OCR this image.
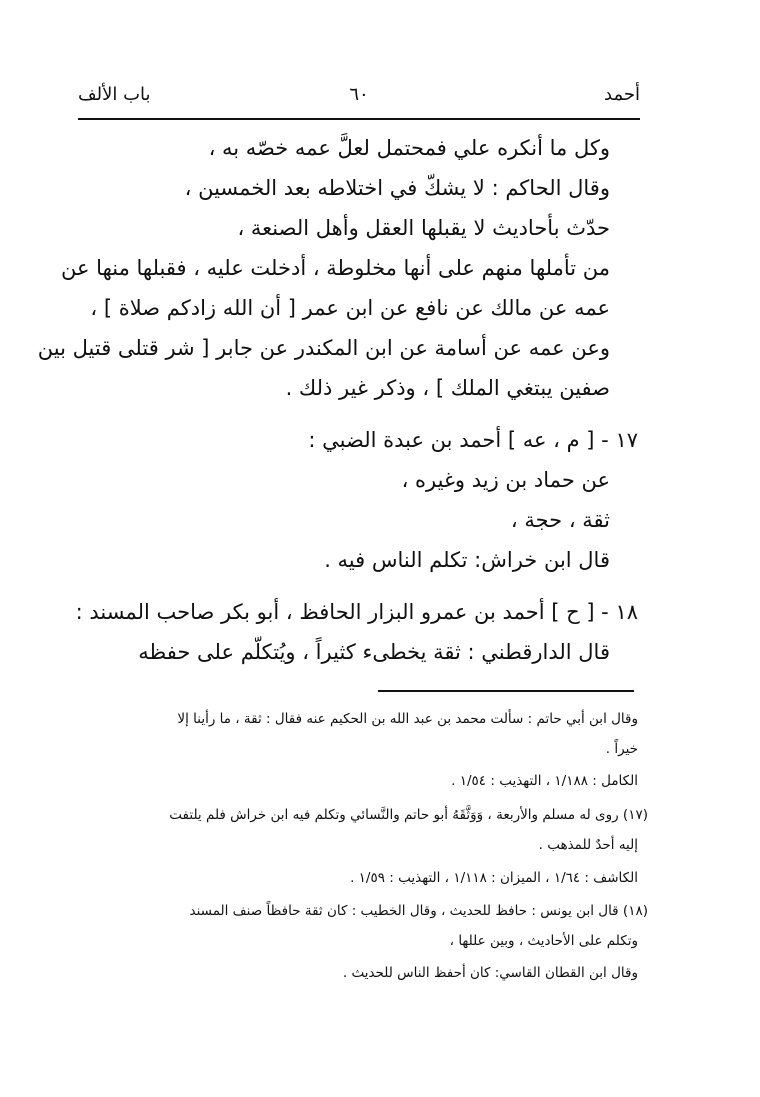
أحمد
٦٠
باب الألف
وكل ما أنكره علي فمحتمل لعلَّ عمه خصّه به ،
وقال الحاكم : لا يشكّ في اختلاطه بعد الخمسين ،
حدّث بأحاديث لا يقبلها العقل وأهل الصنعة ،
من تأملها منهم على أنها مخلوطة ، أدخلت عليه ، فقبلها منها عن
عمه عن مالك عن نافع عن ابن عمر [ أن الله زادكم صلاة ] ،
وعن عمه عن أسامة عن ابن المكندر عن جابر [ شر قتلى قتيل بين
صفين يبتغي الملك ] ، وذكر غير ذلك .
١٧ - [ م ، عه ] أحمد بن عبدة الضبي :
عن حماد بن زيد وغيره ،
ثقة ، حجة ،
قال ابن خراش: تكلم الناس فيه .
١٨ - [ ح ] أحمد بن عمرو البزار الحافظ ، أبو بكر صاحب المسند :
قال الدارقطني : ثقة يخطىء كثيراً ، ويُتكلّم على حفظه
وقال ابن أبي حاتم : سألت محمد بن عبد الله بن الحكيم عنه فقال : ثقة ، ما رأينا إلا
خيراً .
الكامل : ١/١٨٨ ، التهذيب : ١/٥٤ .
(١٧) روى له مسلم والأربعة ، وَوَثَّقَهُ أبو حاتم والنَّسائي وتكلم فيه ابن خراش فلم يلتفت
إليه أحدٌ للمذهب .
الكاشف : ١/٦٤ ، الميزان : ١/١١٨ ، التهذيب : ١/٥٩ .
(١٨) قال ابن يونس : حافظ للحديث ، وقال الخطيب : كان ثقة حافظاً صنف المسند
وتكلم على الأحاديث ، وبين عللها ،
وقال ابن القطان القاسي: كان أحفظ الناس للحديث .
